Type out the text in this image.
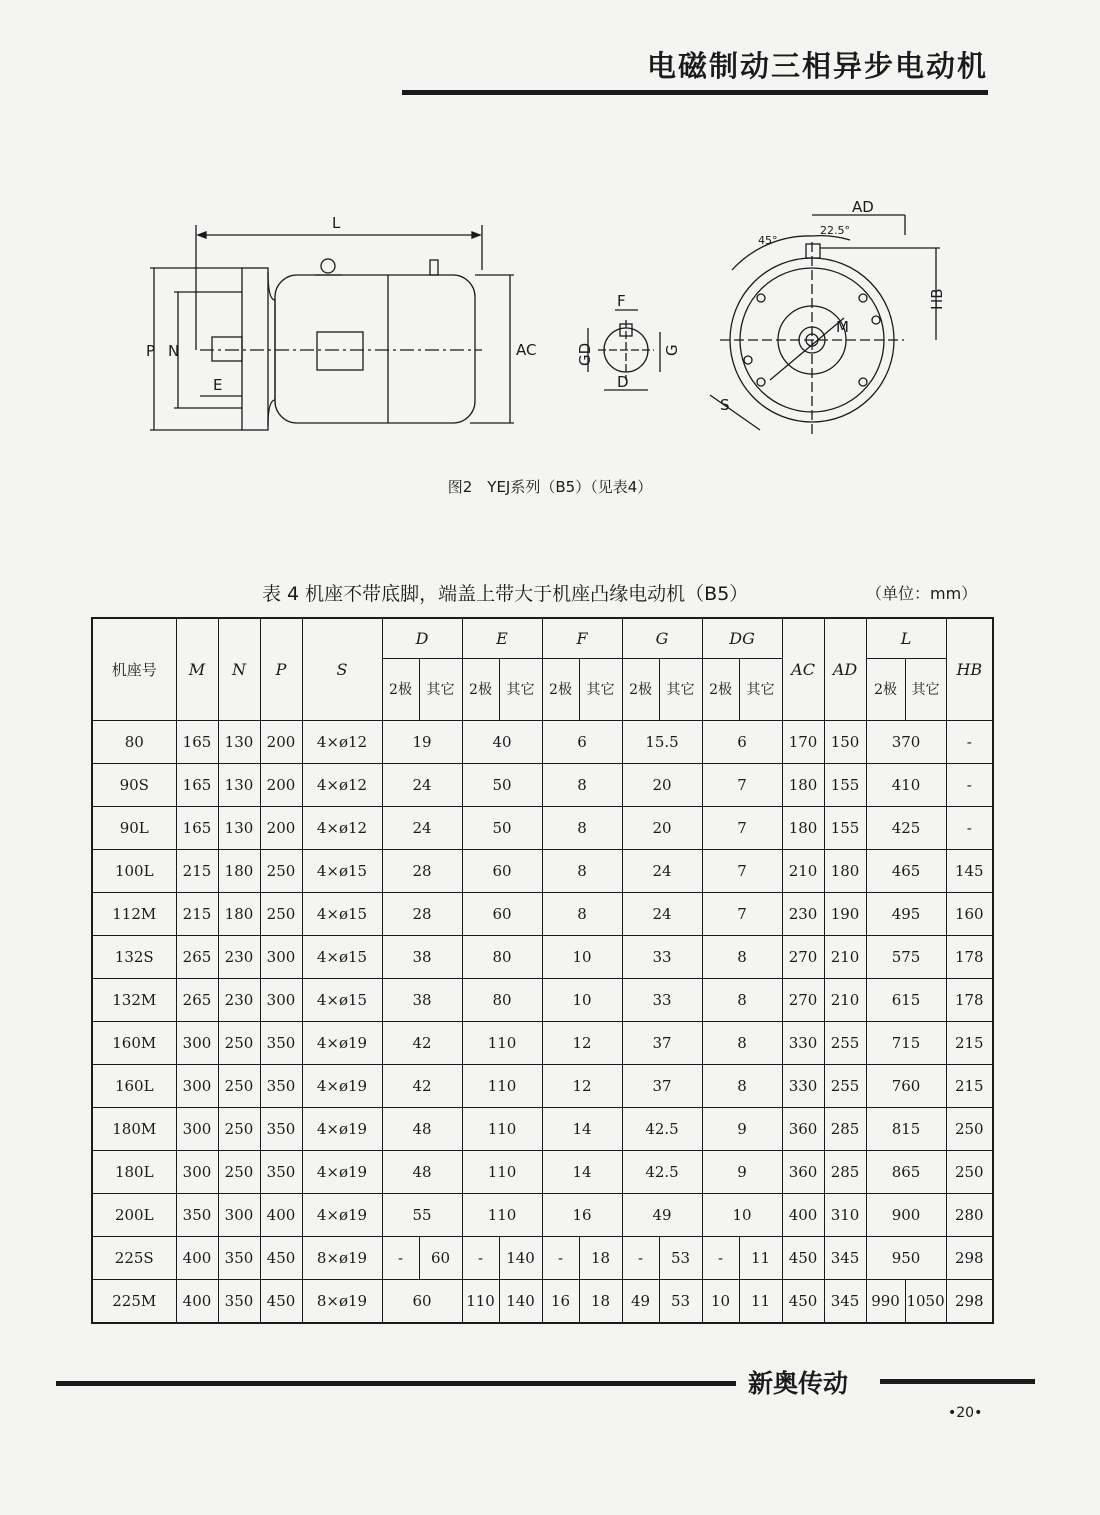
电磁制动三相异步电动机
L
P N
E
AC
F
GD	G
D
AD
HB
M
S
45°
22.5°
图2　YEJ系列（B5）（见表4）
表 4 机座不带底脚，端盖上带大于机座凸缘电动机（B5）	（单位：mm）
机座号	M	N	P	S	D		E		F		G		DG		AC	AD	L		HB
					2极	其它	2极	其它	2极	其它	2极	其它	2极	其它			2极	其它	
80	165	130	200	4×ø12	19		40		6		15.5		6		170	150	370		-
90S	165	130	200	4×ø12	24		50		8		20		7		180	155	410		-
90L	165	130	200	4×ø12	24		50		8		20		7		180	155	425		-
100L	215	180	250	4×ø15	28		60		8		24		7		210	180	465		145
112M	215	180	250	4×ø15	28		60		8		24		7		230	190	495		160
132S	265	230	300	4×ø15	38		80		10		33		8		270	210	575		178
132M	265	230	300	4×ø15	38		80		10		33		8		270	210	615		178
160M	300	250	350	4×ø19	42		110		12		37		8		330	255	715		215
160L	300	250	350	4×ø19	42		110		12		37		8		330	255	760		215
180M	300	250	350	4×ø19	48		110		14		42.5		9		360	285	815		250
180L	300	250	350	4×ø19	48		110		14		42.5		9		360	285	865		250
200L	350	300	400	4×ø19	55		110		16		49		10		400	310	900		280
225S	400	350	450	8×ø19	-	60	-	140	-	18	-	53	-	11	450	345	950		298
225M	400	350	450	8×ø19	60		110	140	16	18	49	53	10	11	450	345	990	1050	298
新奥传动
•20•
